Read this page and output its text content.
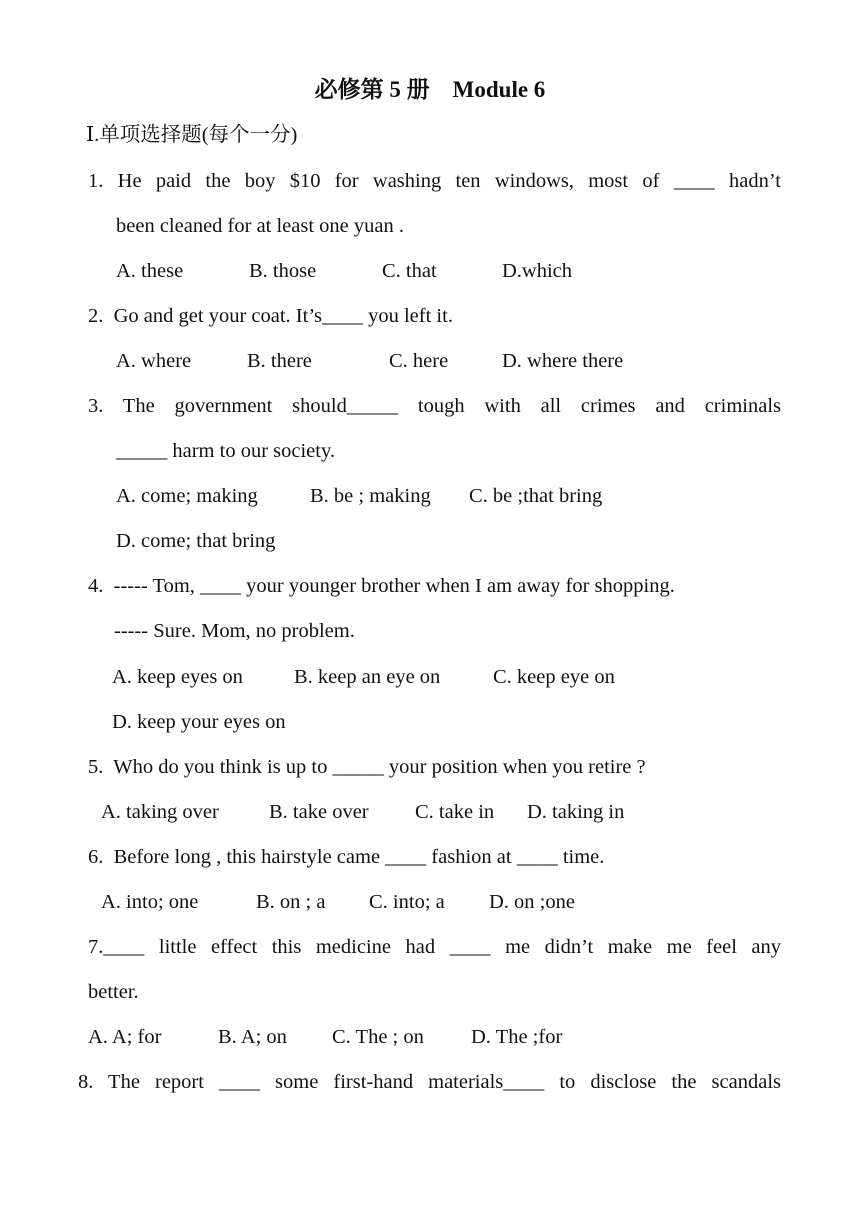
必修第 5 册    Module 6
Ⅰ.单项选择题(每个一分)
1. He paid the boy $10 for washing ten windows, most of ____ hadn’t
been cleaned for at least one yuan .
A. these	B. those	C. that	D.which
2.  Go and get your coat. It’s____ you left it.
A. where	B. there	C. here	D. where there
3. The government should_____ tough with all crimes and criminals
_____ harm to our society.
A. come; making	B. be ; making C. be ;that bring
D. come; that bring
4.  ----- Tom, ____ your younger brother when I am away for shopping.
----- Sure. Mom, no problem.
A. keep eyes on B. keep an eye on	C. keep eye on
D. keep your eyes on
5.  Who do you think is up to _____ your position when you retire ?
A. taking over B. take over C. take in D. taking in
6.  Before long , this hairstyle came ____ fashion at ____ time.
A. into; one	B. on ; a C. into; a D. on ;one
7.____ little effect this medicine had ____ me didn’t make me feel any
better.
A. A; for	B. A; on C. The ; on D. The ;for
8. The report ____ some first-hand materials____ to disclose the scandals
